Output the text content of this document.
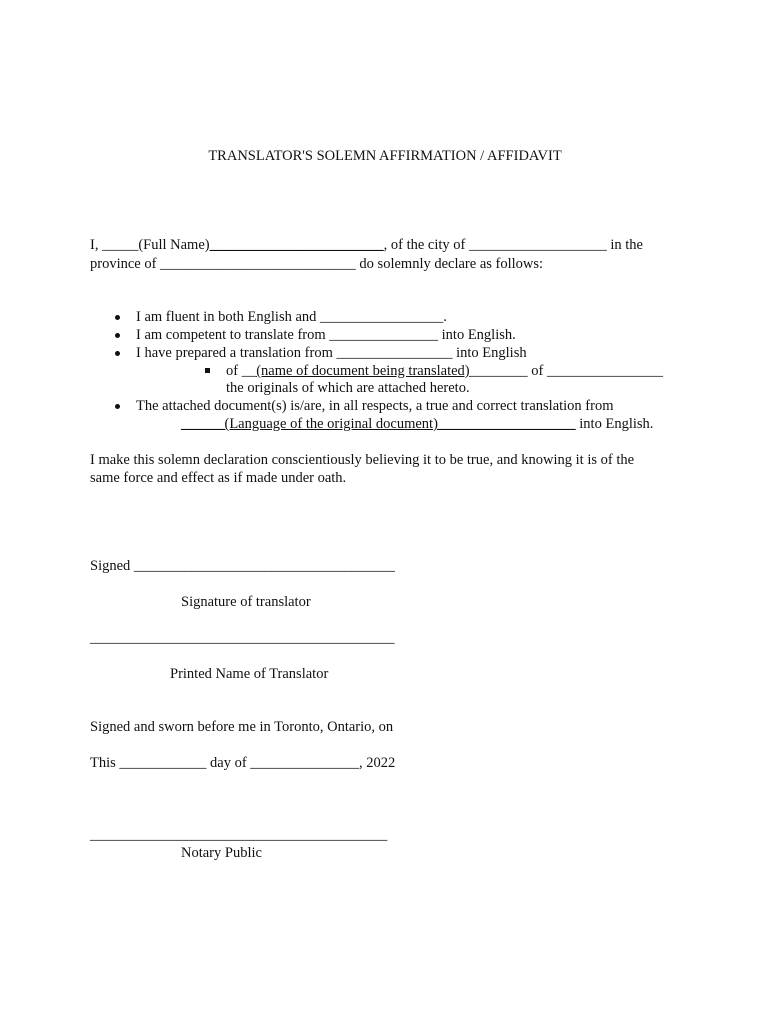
TRANSLATOR'S SOLEMN AFFIRMATION / AFFIDAVIT
I, _____(Full Name)________________________, of the city of ___________________ in the
province of ___________________________ do solemnly declare as follows:
I am fluent in both English and _________________.
I am competent to translate from _______________ into English.
I have prepared a translation from ________________ into English
of __(name of document being translated)________ of ________________
the originals of which are attached hereto.
The attached document(s) is/are, in all respects, a true and correct translation from
______(Language of the original document)___________________ into English.
I make this solemn declaration conscientiously believing it to be true, and knowing it is of the
same force and effect as if made under oath.
Signed ____________________________________
Signature of translator
__________________________________________
Printed Name of Translator
Signed and sworn before me in Toronto, Ontario, on
This ____________ day of _______________, 2022
_________________________________________
Notary Public
